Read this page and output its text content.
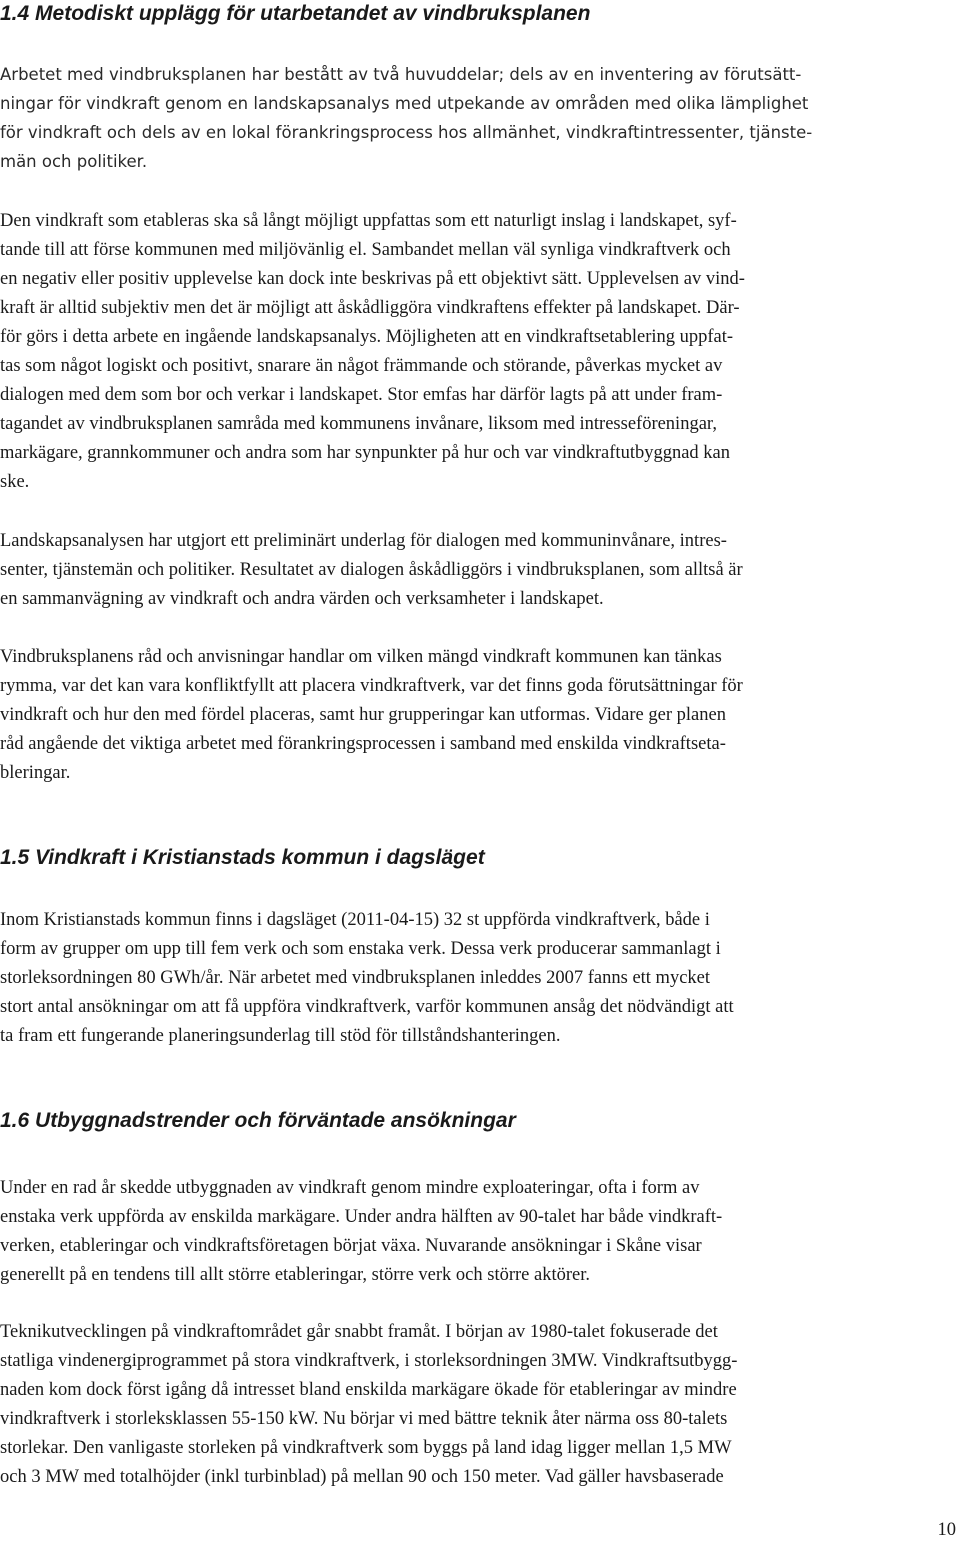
1.4 Metodiskt upplägg för utarbetandet av vindbruksplanen

Arbetet med vindbruksplanen har bestått av två huvuddelar; dels av en inventering av förutsätt-
ningar för vindkraft genom en landskapsanalys med utpekande av områden med olika lämplighet
för vindkraft och dels av en lokal förankringsprocess hos allmänhet, vindkraftintressenter, tjänste-
män och politiker.

Den vindkraft som etableras ska så långt möjligt uppfattas som ett naturligt inslag i landskapet, syf-
tande till att förse kommunen med miljövänlig el. Sambandet mellan väl synliga vindkraftverk och
en negativ eller positiv upplevelse kan dock inte beskrivas på ett objektivt sätt. Upplevelsen av vind-
kraft är alltid subjektiv men det är möjligt att åskådliggöra vindkraftens effekter på landskapet. Där-
för görs i detta arbete en ingående landskapsanalys. Möjligheten att en vindkraftsetablering uppfat-
tas som något logiskt och positivt, snarare än något främmande och störande, påverkas mycket av
dialogen med dem som bor och verkar i landskapet. Stor emfas har därför lagts på att under fram-
tagandet av vindbruksplanen samråda med kommunens invånare, liksom med intresseföreningar,
markägare, grannkommuner och andra som har synpunkter på hur och var vindkraftutbyggnad kan
ske.

Landskapsanalysen har utgjort ett preliminärt underlag för dialogen med kommuninvånare, intres-
senter, tjänstemän och politiker. Resultatet av dialogen åskådliggörs i vindbruksplanen, som alltså är
en sammanvägning av vindkraft och andra värden och verksamheter i landskapet.

Vindbruksplanens råd och anvisningar handlar om vilken mängd vindkraft kommunen kan tänkas
rymma, var det kan vara konfliktfyllt att placera vindkraftverk, var det finns goda förutsättningar för
vindkraft och hur den med fördel placeras, samt hur grupperingar kan utformas. Vidare ger planen
råd angående det viktiga arbetet med förankringsprocessen i samband med enskilda vindkraftseta-
bleringar.

1.5 Vindkraft i Kristianstads kommun i dagsläget

Inom Kristianstads kommun finns i dagsläget (2011-04-15) 32 st uppförda vindkraftverk, både i
form av grupper om upp till fem verk och som enstaka verk. Dessa verk producerar sammanlagt i
storleksordningen 80 GWh/år. När arbetet med vindbruksplanen inleddes 2007 fanns ett mycket
stort antal ansökningar om att få uppföra vindkraftverk, varför kommunen ansåg det nödvändigt att
ta fram ett fungerande planeringsunderlag till stöd för tillståndshanteringen.

1.6 Utbyggnadstrender och förväntade ansökningar

Under en rad år skedde utbyggnaden av vindkraft genom mindre exploateringar, ofta i form av
enstaka verk uppförda av enskilda markägare. Under andra hälften av 90-talet har både vindkraft-
verken, etableringar och vindkraftsföretagen börjat växa. Nuvarande ansökningar i Skåne visar
generellt på en tendens till allt större etableringar, större verk och större aktörer.

Teknikutvecklingen på vindkraftområdet går snabbt framåt. I början av 1980-talet fokuserade det
statliga vindenergiprogrammet på stora vindkraftverk, i storleksordningen 3MW. Vindkraftsutbygg-
naden kom dock först igång då intresset bland enskilda markägare ökade för etableringar av mindre
vindkraftverk i storleksklassen 55-150 kW. Nu börjar vi med bättre teknik åter närma oss 80-talets
storlekar. Den vanligaste storleken på vindkraftverk som byggs på land idag ligger mellan 1,5 MW
och 3 MW med totalhöjder (inkl turbinblad) på mellan 90 och 150 meter. Vad gäller havsbaserade

10
